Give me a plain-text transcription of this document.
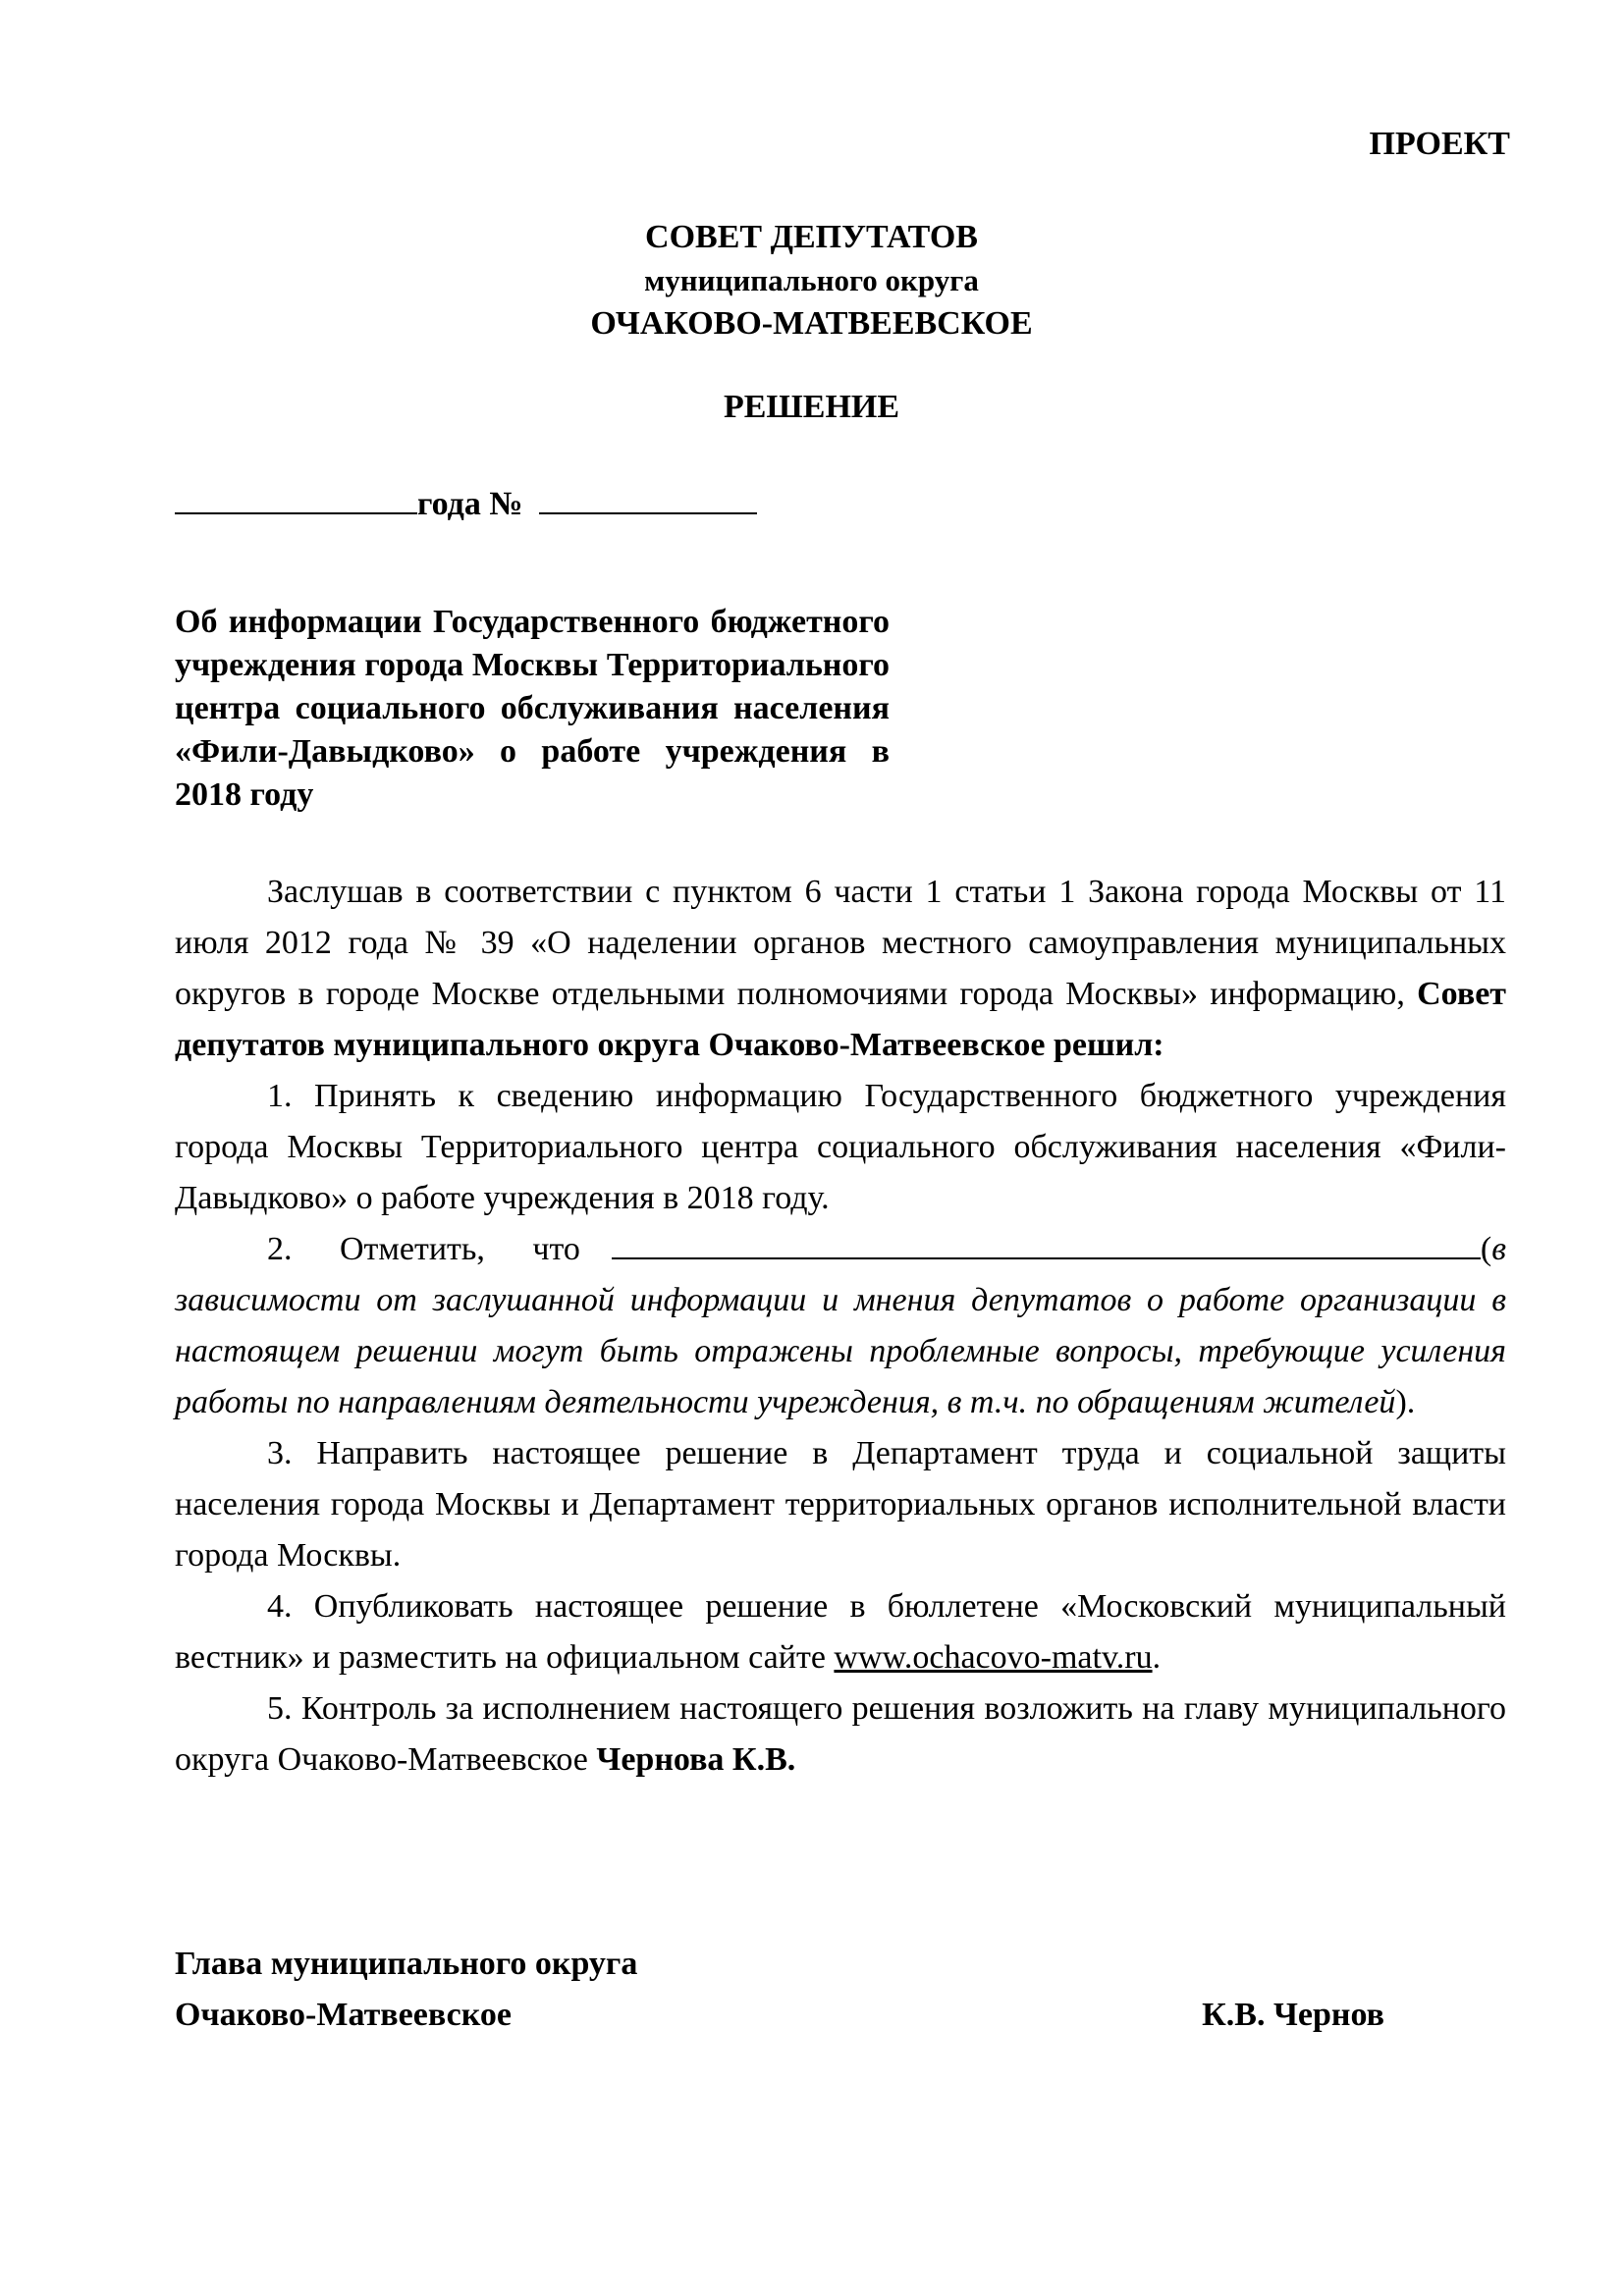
ПРОЕКТ
СОВЕТ ДЕПУТАТОВ
муниципального округа
ОЧАКОВО-МАТВЕЕВСКОЕ
РЕШЕНИЕ
года №
Об информации Государственного бюджетного учреждения города Москвы Территориального центра социального обслуживания населения «Фили-Давыдково» о работе учреждения в 2018 году

Заслушав в соответствии с пунктом 6 части 1 статьи 1 Закона города Москвы от 11 июля 2012 года № 39 «О наделении органов местного самоуправления муниципальных округов в городе Москве отдельными полномочиями города Москвы» информацию, Совет депутатов муниципального округа Очаково-Матвеевское решил:

1. Принять к сведению информацию Государственного бюджетного учреждения города Москвы Территориального центра социального обслуживания населения «Фили-Давыдково» о работе учреждения в 2018 году.

2. Отметить, что	(в зависимости от заслушанной информации и мнения депутатов о работе организации в настоящем решении могут быть отражены проблемные вопросы, требующие усиления работы по направлениям деятельности учреждения, в т.ч. по обращениям жителей).

3. Направить настоящее решение в Департамент труда и социальной защиты населения города Москвы и Департамент территориальных органов исполнительной власти города Москвы.

4. Опубликовать настоящее решение в бюллетене «Московский муниципальный вестник» и разместить на официальном сайте www.ochacovo-matv.ru.

5. Контроль за исполнением настоящего решения возложить на главу муниципального округа Очаково-Матвеевское Чернова К.В.

Глава муниципального округа
Очаково-Матвеевское	К.В. Чернов
